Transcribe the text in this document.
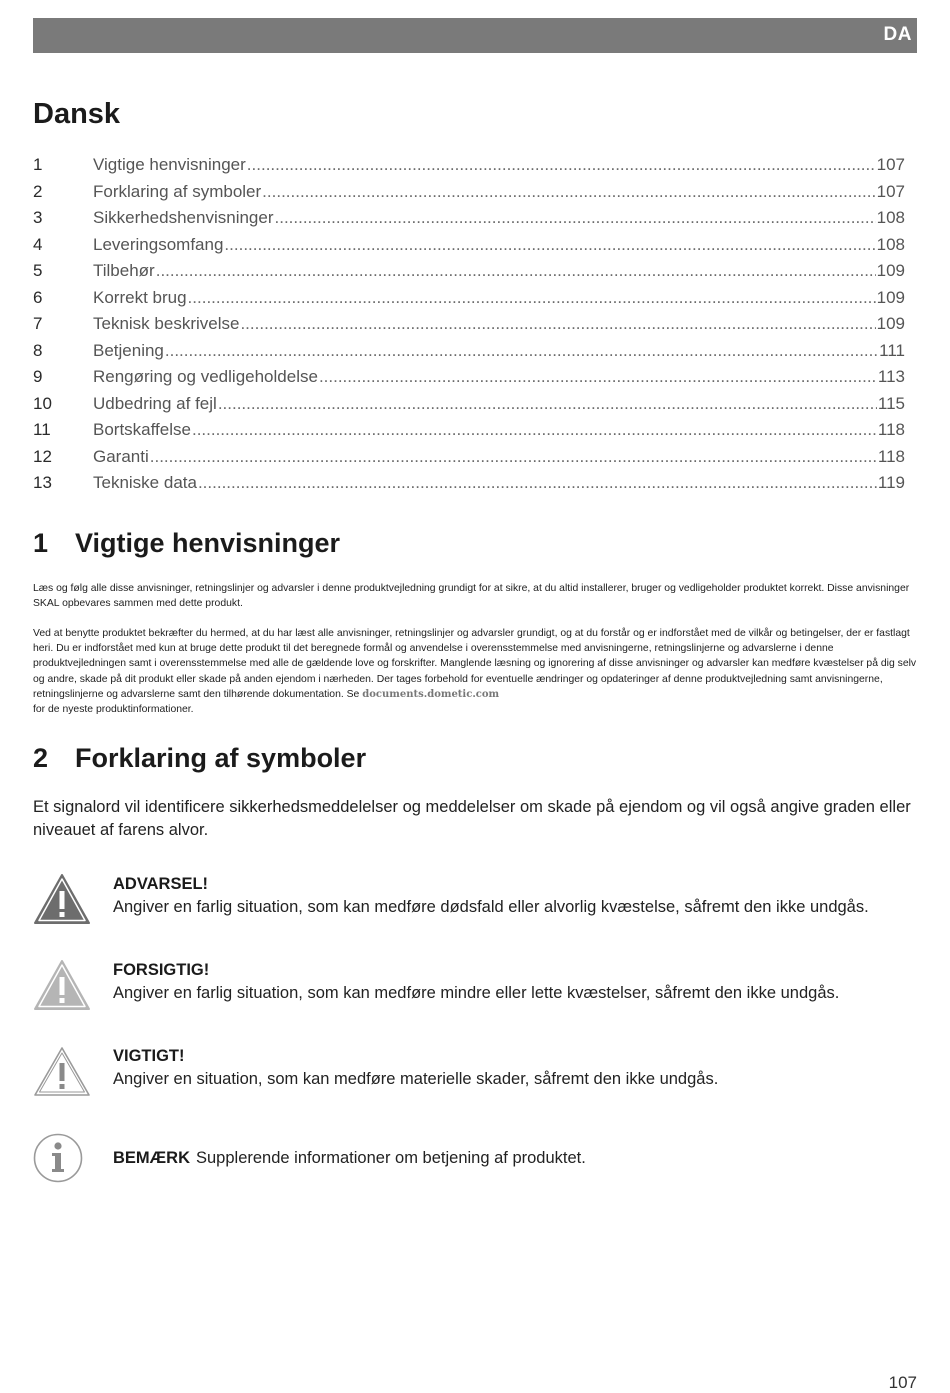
DA
Dansk
1	Vigtige henvisninger .....	107
2	Forklaring af symboler .....	107
3	Sikkerhedshenvisninger .....	108
4	Leveringsomfang .....	108
5	Tilbehør .....	109
6	Korrekt brug .....	109
7	Teknisk beskrivelse .....	109
8	Betjening .....	111
9	Rengøring og vedligeholdelse .....	113
10	Udbedring af fejl .....	115
11	Bortskaffelse .....	118
12	Garanti .....	118
13	Tekniske data .....	119
1 Vigtige henvisninger

Læs og følg alle disse anvisninger, retningslinjer og advarsler i denne produktvejledning grundigt for at sikre, at du altid installerer, bruger og vedligeholder produktet korrekt. Disse anvisninger SKAL opbevares sammen med dette produkt.

Ved at benytte produktet bekræfter du hermed, at du har læst alle anvisninger, retningslinjer og advarsler grundigt, og at du forstår og er indforstået med de vilkår og betingelser, der er fastlagt heri. Du er indforstået med kun at bruge dette produkt til det beregnede formål og anvendelse i overensstemmelse med anvisningerne, retningslinjerne og advarslerne i denne produktvejledningen samt i overensstemmelse med alle de gældende love og forskrifter. Manglende læsning og ignorering af disse anvisninger og advarsler kan medføre kvæstelser på dig selv og andre, skade på dit produkt eller skade på anden ejendom i nærheden. Der tages forbehold for eventuelle ændringer og opdateringer af denne produktvejledning samt anvisningerne, retningslinjerne og advarslerne samt den tilhørende dokumentation. Se documents.dometic.com
for de nyeste produktinformationer.

2 Forklaring af symboler

Et signalord vil identificere sikkerhedsmeddelelser og meddelelser om skade på ejendom og vil også angive graden eller niveauet af farens alvor.

ADVARSEL!
Angiver en farlig situation, som kan medføre dødsfald eller alvorlig kvæstelse, såfremt den ikke undgås.
FORSIGTIG!
Angiver en farlig situation, som kan medføre mindre eller lette kvæstelser, såfremt den ikke undgås.
VIGTIGT!
Angiver en situation, som kan medføre materielle skader, såfremt den ikke undgås.
BEMÆRK Supplerende informationer om betjening af produktet.
107
